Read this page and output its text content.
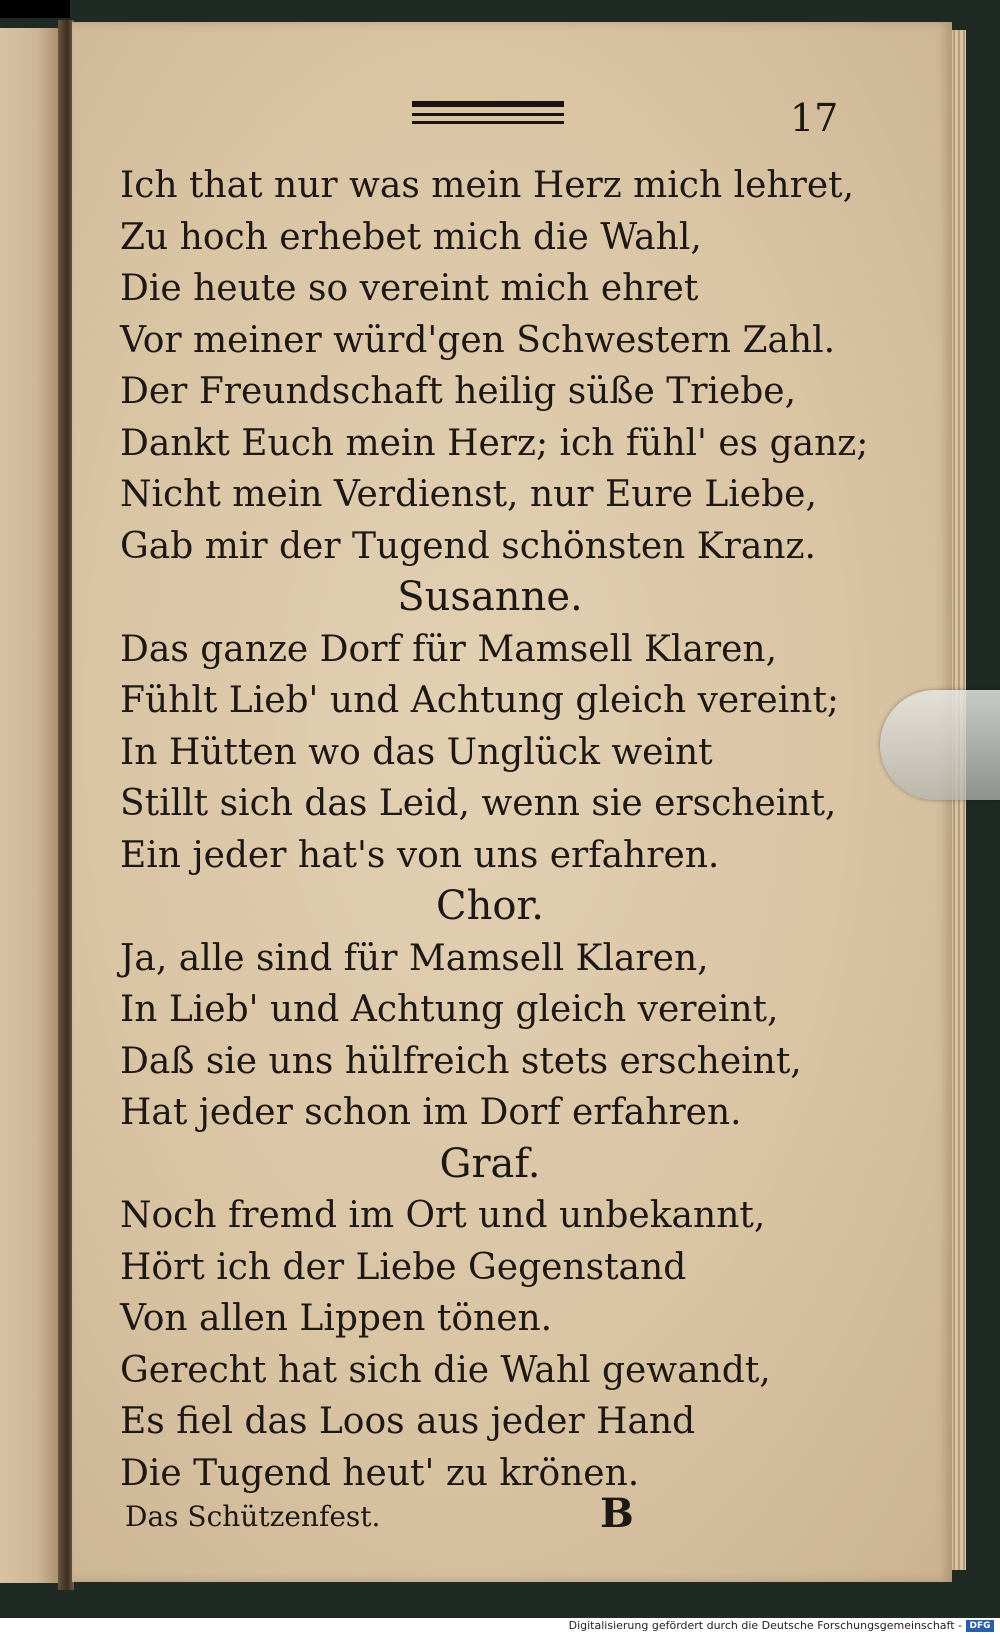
17
Ich that nur was mein Herz mich lehret,
Zu hoch erhebet mich die Wahl,
Die heute so vereint mich ehret
Vor meiner würd'gen Schwestern Zahl.
Der Freundschaft heilig süße Triebe,
Dankt Euch mein Herz; ich fühl' es ganz;
Nicht mein Verdienst, nur Eure Liebe,
Gab mir der Tugend schönsten Kranz.
Susanne.
Das ganze Dorf für Mamsell Klaren,
Fühlt Lieb' und Achtung gleich vereint;
In Hütten wo das Unglück weint
Stillt sich das Leid, wenn sie erscheint,
Ein jeder hat's von uns erfahren.
Chor.
Ja, alle sind für Mamsell Klaren,
In Lieb' und Achtung gleich vereint,
Daß sie uns hülfreich stets erscheint,
Hat jeder schon im Dorf erfahren.
Graf.
Noch fremd im Ort und unbekannt,
Hört ich der Liebe Gegenstand
Von allen Lippen tönen.
Gerecht hat sich die Wahl gewandt,
Es fiel das Loos aus jeder Hand
Die Tugend heut' zu krönen.
Das Schützenfest.	B
Digitalisierung gefördert durch die Deutsche Forschungsgemeinschaft - DFG
